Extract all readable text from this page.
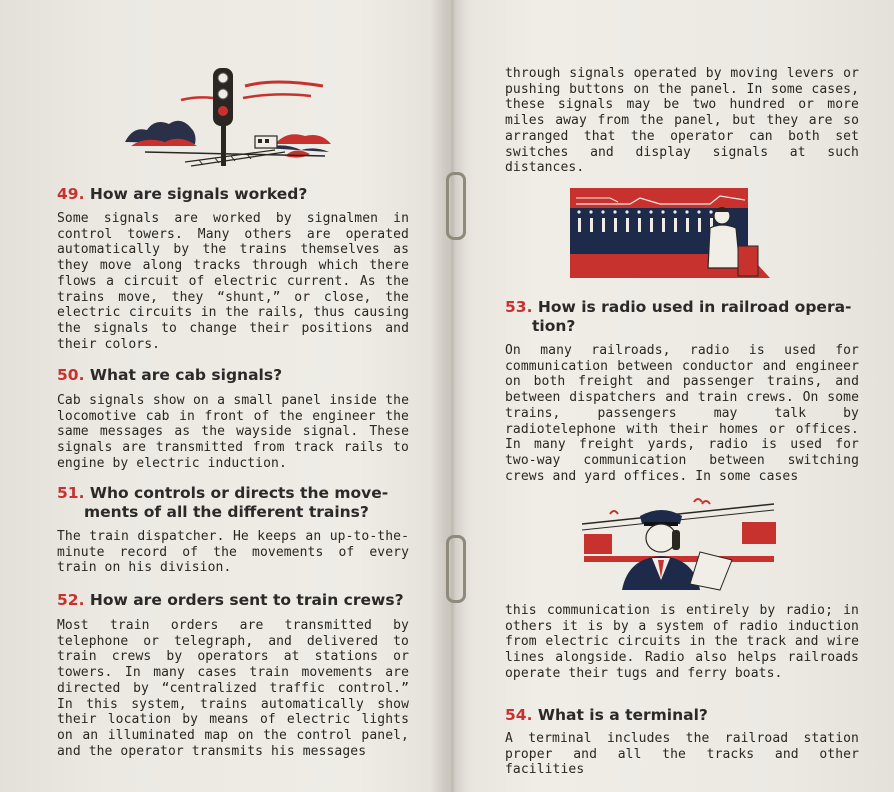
49. How are signals worked?

Some signals are worked by signalmen in control towers. Many others are operated automatically by the trains themselves as they move along tracks through which there flows a circuit of electric current. As the trains move, they “shunt,” or close, the electric circuits in the rails, thus causing the signals to change their positions and their colors.

50. What are cab signals?

Cab signals show on a small panel inside the locomotive cab in front of the engineer the same messages as the wayside signal. These signals are transmitted from track rails to engine by electric induction.

51. Who controls or directs the move-
ments of all the different trains?

The train dispatcher. He keeps an up-to-the-minute record of the movements of every train on his division.

52. How are orders sent to train crews?

Most train orders are transmitted by telephone or telegraph, and delivered to train crews by operators at stations or towers. In many cases train movements are directed by “centralized traffic control.” In this system, trains automatically show their location by means of electric lights on an illuminated map on the control panel, and the operator transmits his messages

through signals operated by moving levers or pushing buttons on the panel. In some cases, these signals may be two hundred or more miles away from the panel, but they are so arranged that the operator can both set switches and display signals at such distances.

53. How is radio used in railroad opera-
tion?

On many railroads, radio is used for communication between conductor and engineer on both freight and passenger trains, and between dispatchers and train crews. On some trains, passengers may talk by radiotelephone with their homes or offices. In many freight yards, radio is used for two-way communication between switching crews and yard offices. In some cases

this communication is entirely by radio; in others it is by a system of radio induction from electric circuits in the track and wire lines alongside. Radio also helps railroads operate their tugs and ferry boats.

54. What is a terminal?

A terminal includes the railroad station proper and all the tracks and other facilities
